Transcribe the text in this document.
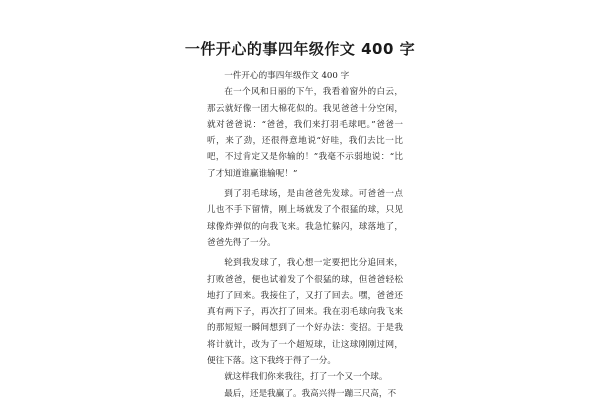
一件开心的事四年级作文 400 字

一件开心的事四年级作文 400 字

在一个风和日丽的下午，我看着窗外的白云，那云就好像一团大棉花似的。我见爸爸十分空闲，就对爸爸说：“爸爸，我们来打羽毛球吧。”爸爸一听，来了劲，还很得意地说“好哇，我们去比一比吧，不过肯定又是你输的！”我毫不示弱地说：“比了才知道谁赢谁输呢！”

到了羽毛球场，是由爸爸先发球。可爸爸一点儿也不手下留情，刚上场就发了个很猛的球，只见球像炸弹似的向我飞来。我急忙躲闪，球落地了，爸爸先得了一分。

轮到我发球了，我心想一定要把比分追回来，打败爸爸，便也试着发了个很猛的球，但爸爸轻松地打了回来。我接住了，又打了回去。嘿，爸爸还真有两下子，再次打了回来。我在羽毛球向我飞来的那短短一瞬间想到了一个好办法：变招。于是我将计就计，改为了一个超短球，让这球刚刚过网，便往下落。这下我终于得了一分。

就这样我们你来我往，打了一个又一个球。

最后，还是我赢了。我高兴得一蹦三尺高，不
